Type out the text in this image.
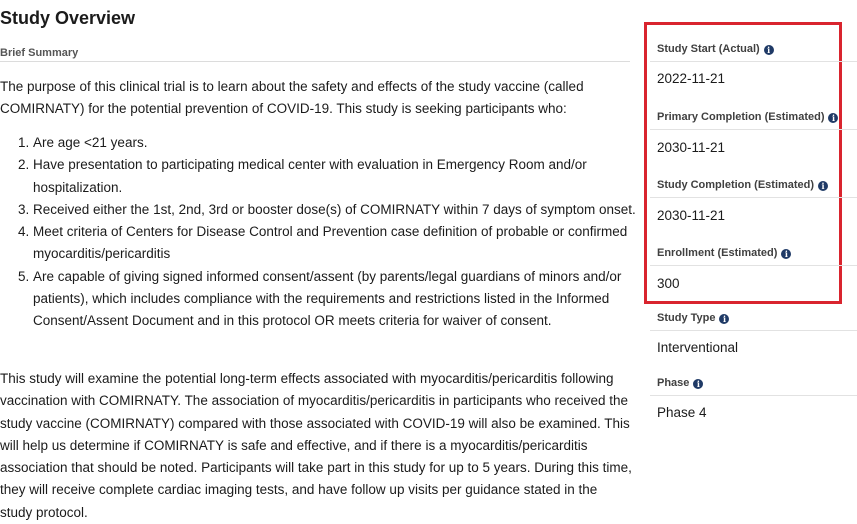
Study Overview
Brief Summary

The purpose of this clinical trial is to learn about the safety and effects of the study vaccine (called COMIRNATY) for the potential prevention of COVID-19. This study is seeking participants who:

1. Are age <21 years.
2. Have presentation to participating medical center with evaluation in Emergency Room and/or hospitalization.
3. Received either the 1st, 2nd, 3rd or booster dose(s) of COMIRNATY within 7 days of symptom onset.
4. Meet criteria of Centers for Disease Control and Prevention case definition of probable or confirmed myocarditis/pericarditis
5. Are capable of giving signed informed consent/assent (by parents/legal guardians of minors and/or patients), which includes compliance with the requirements and restrictions listed in the Informed Consent/Assent Document and in this protocol OR meets criteria for waiver of consent.

This study will examine the potential long-term effects associated with myocarditis/pericarditis following vaccination with COMIRNATY. The association of myocarditis/pericarditis in participants who received the study vaccine (COMIRNATY) compared with those associated with COVID-19 will also be examined. This will help us determine if COMIRNATY is safe and effective, and if there is a myocarditis/pericarditis association that should be noted. Participants will take part in this study for up to 5 years. During this time, they will receive complete cardiac imaging tests, and have follow up visits per guidance stated in the study protocol.

Study Start (Actual) i
2022-11-21
Primary Completion (Estimated) i
2030-11-21
Study Completion (Estimated) i
2030-11-21
Enrollment (Estimated) i
300
Study Type i
Interventional
Phase i
Phase 4
